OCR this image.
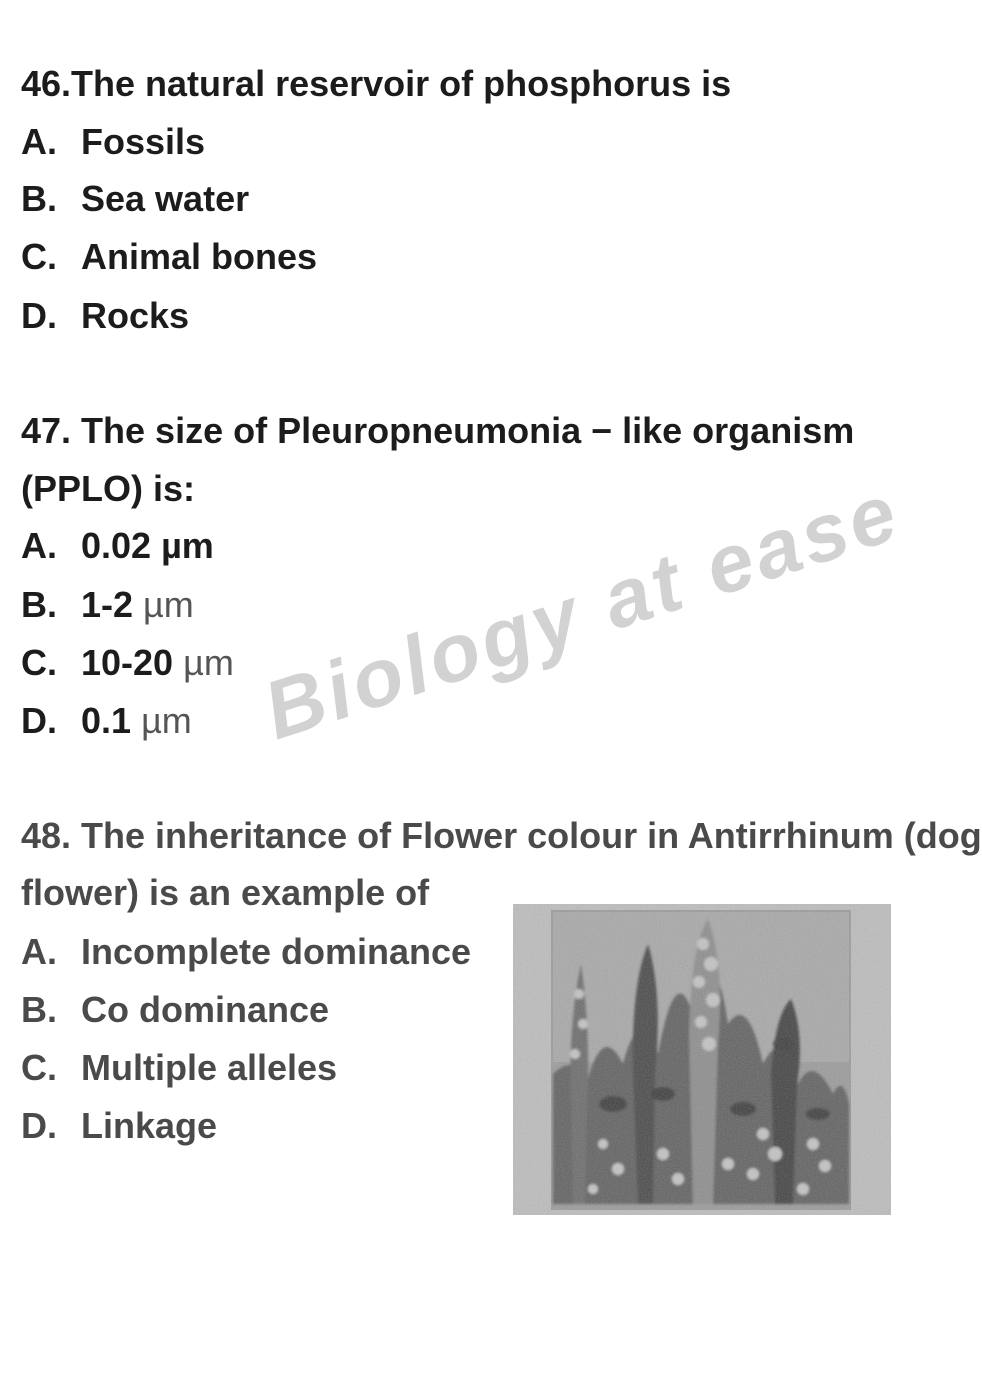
46.The natural reservoir of phosphorus is
A. Fossils
B. Sea water
C. Animal bones
D. Rocks
47. The size of Pleuropneumonia − like organism
(PPLO) is:
A. 0.02 µm
B. 1-2 µm
C. 10-20 µm
D. 0.1 µm Biology at ease
48. The inheritance of Flower colour in Antirrhinum (dog
flower) is an example of
A. Incomplete dominance
B. Co dominance
C. Multiple alleles
D. Linkage
